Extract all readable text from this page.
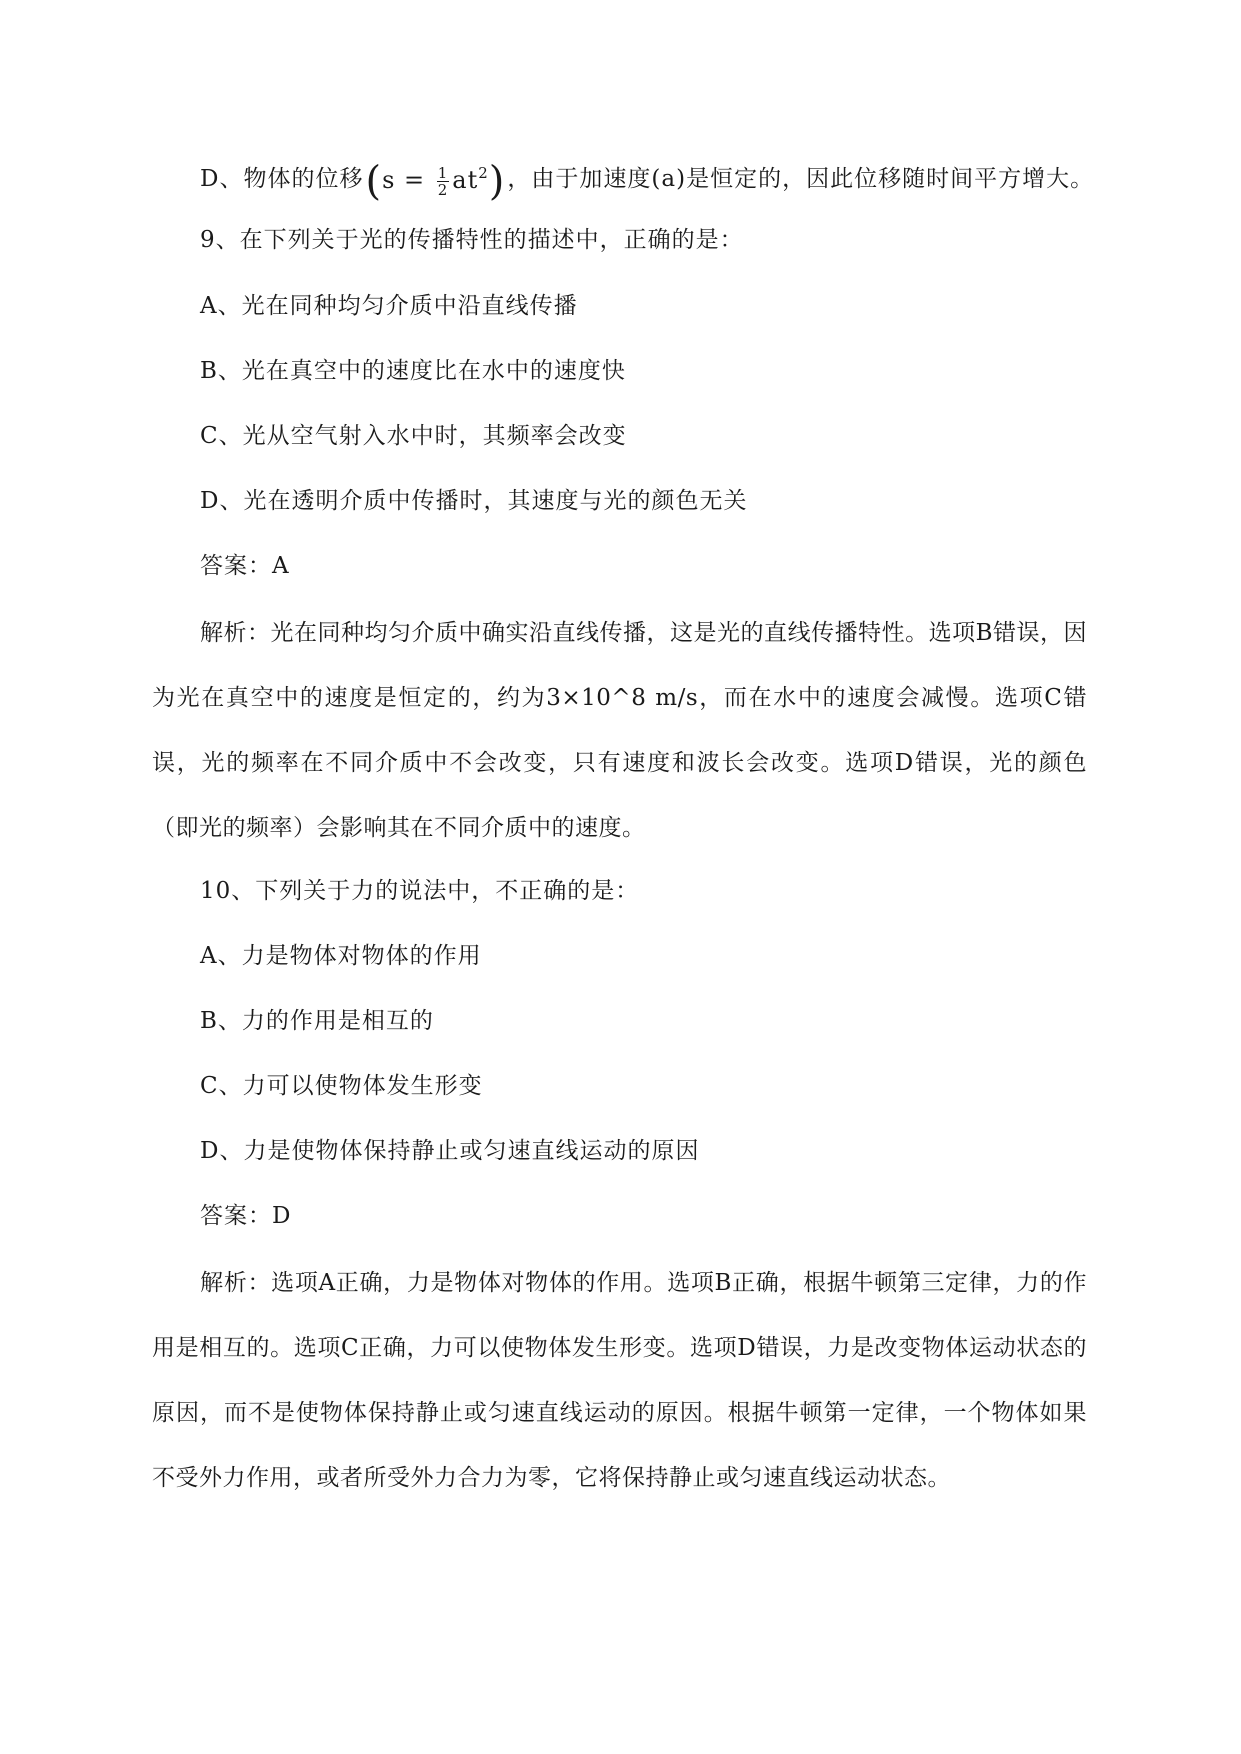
D、物体的位移$(s = \frac{1}{2} at^2)$，由于加速度(a)是恒定的，因此位移随时间平方增大。
9、在下列关于光的传播特性的描述中，正确的是：
A、光在同种均匀介质中沿直线传播
B、光在真空中的速度比在水中的速度快
C、光从空气射入水中时，其频率会改变
D、光在透明介质中传播时，其速度与光的颜色无关
答案：A
解析：光在同种均匀介质中确实沿直线传播，这是光的直线传播特性。选项B错误，因为光在真空中的速度是恒定的，约为3×10^8 m/s，而在水中的速度会减慢。选项C错误，光的频率在不同介质中不会改变，只有速度和波长会改变。选项D错误，光的颜色（即光的频率）会影响其在不同介质中的速度。
10、下列关于力的说法中，不正确的是：
A、力是物体对物体的作用
B、力的作用是相互的
C、力可以使物体发生形变
D、力是使物体保持静止或匀速直线运动的原因
答案：D
解析：选项A正确，力是物体对物体的作用。选项B正确，根据牛顿第三定律，力的作用是相互的。选项C正确，力可以使物体发生形变。选项D错误，力是改变物体运动状态的原因，而不是使物体保持静止或匀速直线运动的原因。根据牛顿第一定律，一个物体如果不受外力作用，或者所受外力合力为零，它将保持静止或匀速直线运动状态。
